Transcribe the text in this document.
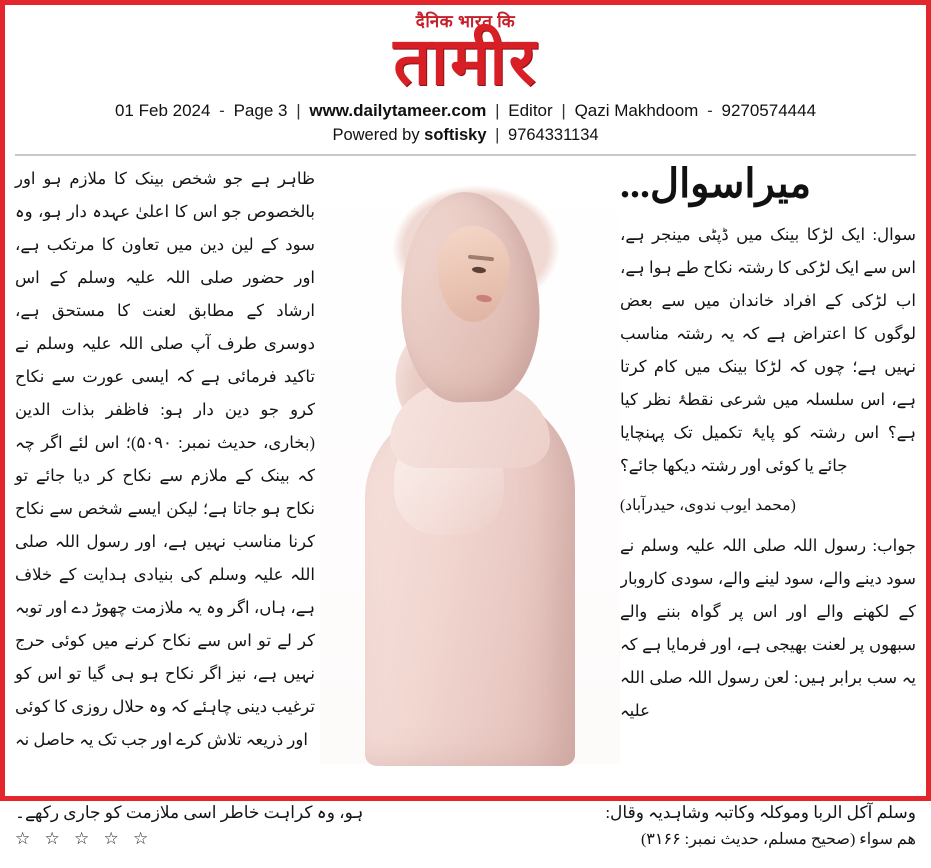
दैनिक भारत कि
तामीर
01 Feb 2024 - Page 3 | www.dailytameer.com | Editor | Qazi Makhdoom - 9270574444
Powered by softisky | 9764331134
میراسوال...

سوال: ایک لڑکا بینک میں ڈپٹی مینجر ہے، اس سے ایک لڑکی کا رشتہ نکاح طے ہوا ہے، اب لڑکی کے افراد خاندان میں سے بعض لوگوں کا اعتراض ہے کہ یہ رشتہ مناسب نہیں ہے؛ چوں کہ لڑکا بینک میں کام کرتا ہے، اس سلسلہ میں شرعی نقطۂ نظر کیا ہے؟ اس رشتہ کو پایۂ تکمیل تک پہنچایا جائے یا کوئی اور رشتہ دیکھا جائے؟

(محمد ایوب ندوی، حیدرآباد)

جواب: رسول اللہ صلی اللہ علیہ وسلم نے سود دینے والے، سود لینے والے، سودی کاروبار کے لکھنے والے اور اس پر گواہ بننے والے سبھوں پر لعنت بھیجی ہے، اور فرمایا ہے کہ یہ سب برابر ہیں: لعن رسول اللہ صلی اللہ علیہ

ظاہر ہے جو شخص بینک کا ملازم ہو اور بالخصوص جو اس کا اعلیٰ عہدہ دار ہو، وہ سود کے لین دین میں تعاون کا مرتکب ہے، اور حضور صلی اللہ علیہ وسلم کے اس ارشاد کے مطابق لعنت کا مستحق ہے، دوسری طرف آپ صلی اللہ علیہ وسلم نے تاکید فرمائی ہے کہ ایسی عورت سے نکاح کرو جو دین دار ہو: فاظفر بذات الدین (بخاری، حدیث نمبر: ۵۰۹۰)؛ اس لئے اگر چہ کہ بینک کے ملازم سے نکاح کر دیا جائے تو نکاح ہو جاتا ہے؛ لیکن ایسے شخص سے نکاح کرنا مناسب نہیں ہے، اور رسول اللہ صلی اللہ علیہ وسلم کی بنیادی ہدایت کے خلاف ہے، ہاں، اگر وہ یہ ملازمت چھوڑ دے اور توبہ کر لے تو اس سے نکاح کرنے میں کوئی حرج نہیں ہے، نیز اگر نکاح ہو ہی گیا تو اس کو ترغیب دینی چاہئے کہ وہ حلال روزی کا کوئی اور ذریعہ تلاش کرے اور جب تک یہ حاصل نہ

وسلم آکل الربا وموکلہ وکاتبہ وشاہدیہ وقال:
ہو، وہ کراہت خاطر اسی ملازمت کو جاری رکھے۔
ھم سواء (صحیح مسلم، حدیث نمبر: ۳۱۶۶)
☆ ☆ ☆ ☆ ☆
